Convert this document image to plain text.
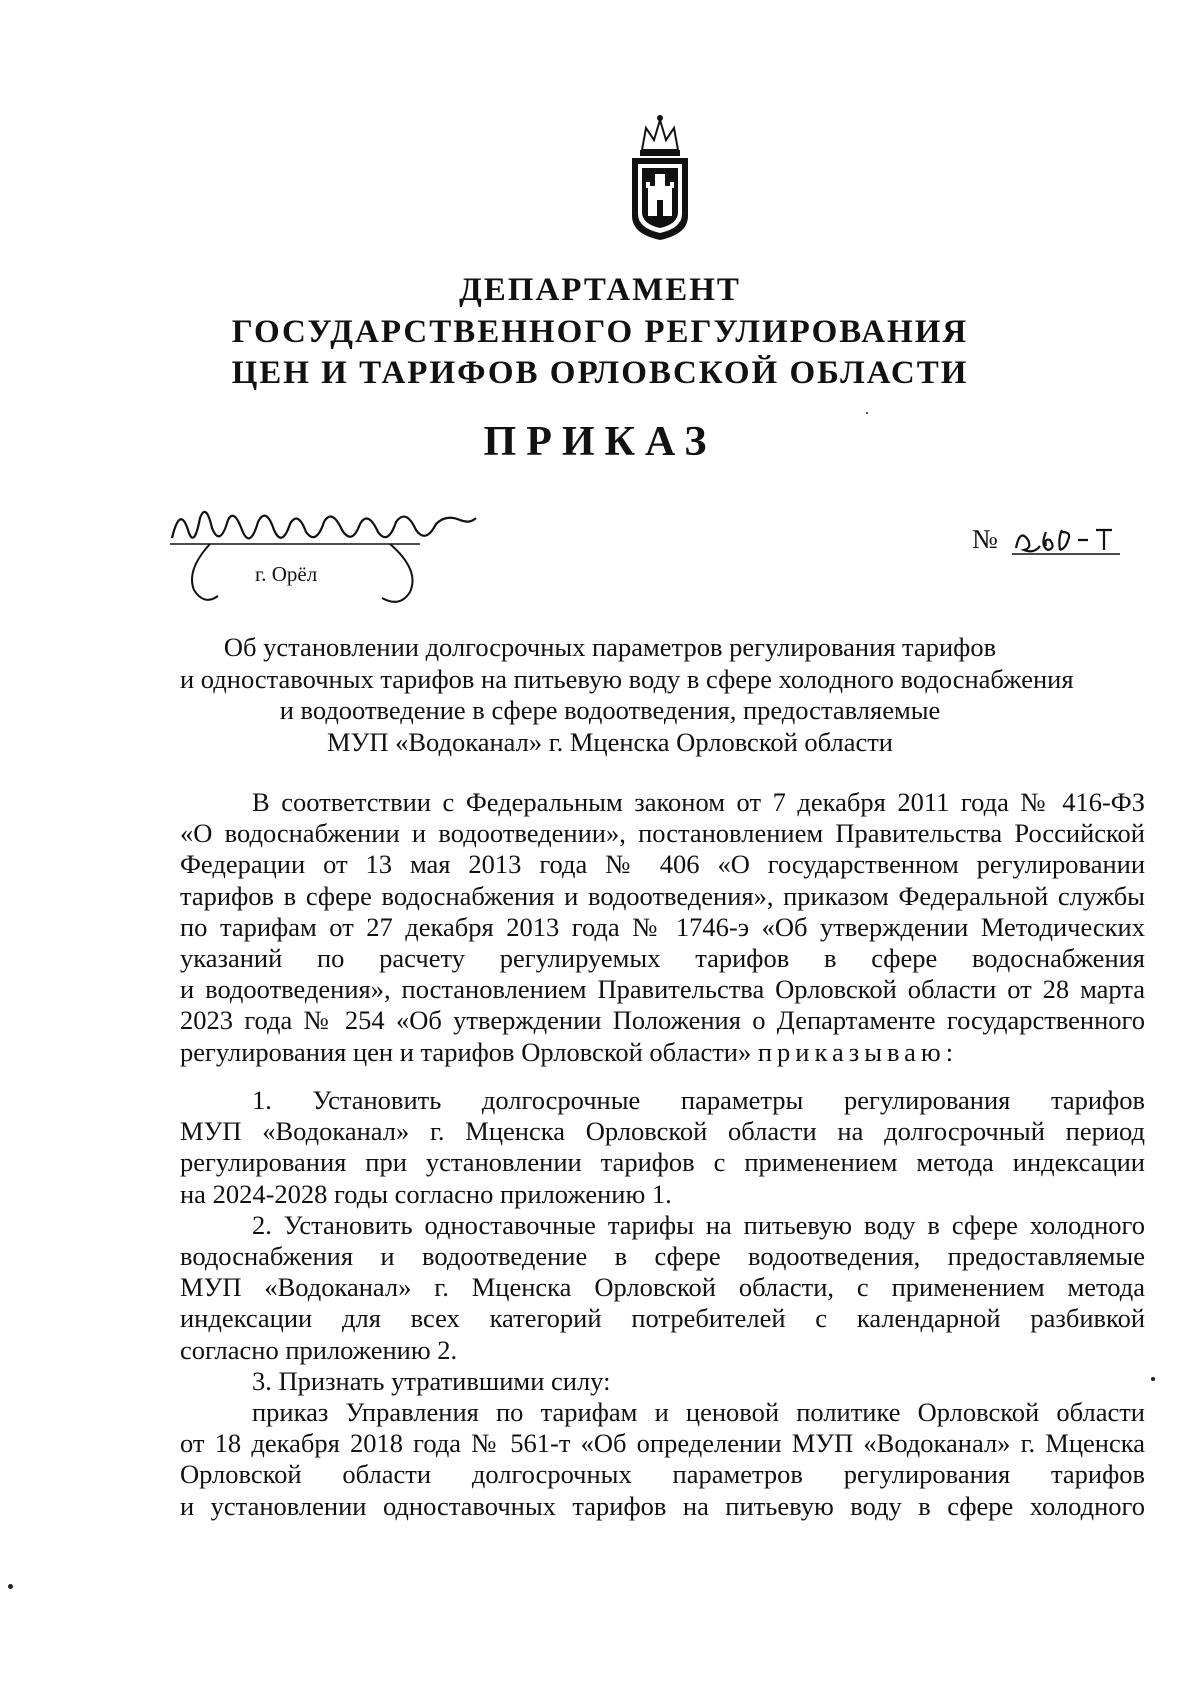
ДЕПАРТАМЕНТ
ГОСУДАРСТВЕННОГО РЕГУЛИРОВАНИЯ
ЦЕН И ТАРИФОВ ОРЛОВСКОЙ ОБЛАСТИ
ПРИКАЗ
г. Орёл
№
Об установлении долгосрочных параметров регулирования тарифов
и одноставочных тарифов на питьевую воду в сфере холодного водоснабжения
и водоотведение в сфере водоотведения, предоставляемые
МУП «Водоканал» г. Мценска Орловской области
В соответствии с Федеральным законом от 7 декабря 2011 года № 416-ФЗ
«О водоснабжении и водоотведении», постановлением Правительства Российской
Федерации от 13 мая 2013 года № 406 «О государственном регулировании
тарифов в сфере водоснабжения и водоотведения», приказом Федеральной службы
по тарифам от 27 декабря 2013 года № 1746-э «Об утверждении Методических
указаний по расчету регулируемых тарифов в сфере водоснабжения
и водоотведения», постановлением Правительства Орловской области от 28 марта
2023 года № 254 «Об утверждении Положения о Департаменте государственного
регулирования цен и тарифов Орловской области» приказываю:
1. Установить долгосрочные параметры регулирования тарифов
МУП «Водоканал» г. Мценска Орловской области на долгосрочный период
регулирования при установлении тарифов с применением метода индексации
на 2024-2028 годы согласно приложению 1.
2. Установить одноставочные тарифы на питьевую воду в сфере холодного
водоснабжения и водоотведение в сфере водоотведения, предоставляемые
МУП «Водоканал» г. Мценска Орловской области, с применением метода
индексации для всех категорий потребителей с календарной разбивкой
согласно приложению 2.
3. Признать утратившими силу:
приказ Управления по тарифам и ценовой политике Орловской области
от 18 декабря 2018 года № 561-т «Об определении МУП «Водоканал» г. Мценска
Орловской области долгосрочных параметров регулирования тарифов
и установлении одноставочных тарифов на питьевую воду в сфере холодного
